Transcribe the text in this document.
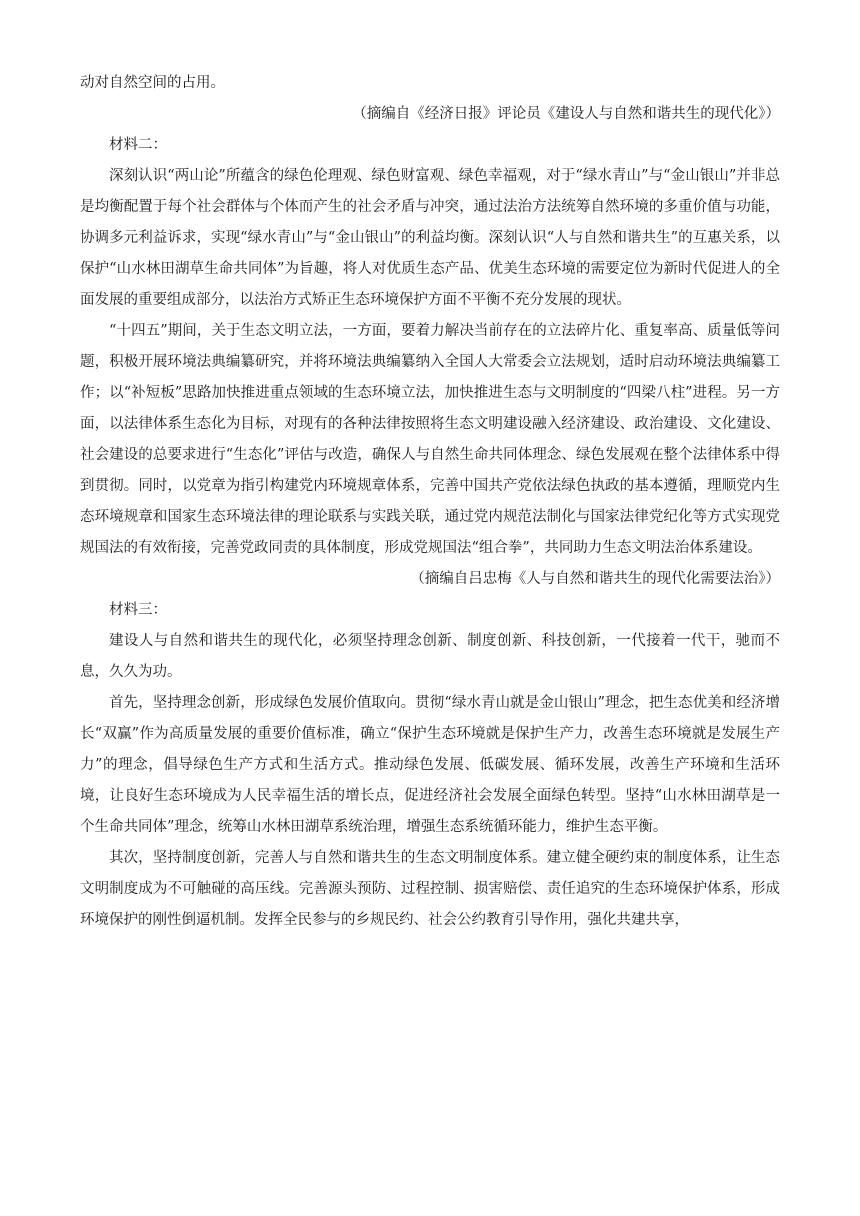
动对自然空间的占用。

（摘编自《经济日报》评论员《建设人与自然和谐共生的现代化》）

材料二：

深刻认识“两山论”所蕴含的绿色伦理观、绿色财富观、绿色幸福观，对于“绿水青山”与“金山银山”并非总是均衡配置于每个社会群体与个体而产生的社会矛盾与冲突，通过法治方法统筹自然环境的多重价值与功能，协调多元利益诉求，实现“绿水青山”与“金山银山”的利益均衡。深刻认识“人与自然和谐共生”的互惠关系，以保护“山水林田湖草生命共同体”为旨趣，将人对优质生态产品、优美生态环境的需要定位为新时代促进人的全面发展的重要组成部分，以法治方式矫正生态环境保护方面不平衡不充分发展的现状。

“十四五”期间，关于生态文明立法，一方面，要着力解决当前存在的立法碎片化、重复率高、质量低等问题，积极开展环境法典编纂研究，并将环境法典编纂纳入全国人大常委会立法规划，适时启动环境法典编纂工作；以“补短板”思路加快推进重点领域的生态环境立法，加快推进生态与文明制度的“四梁八柱”进程。另一方面，以法律体系生态化为目标，对现有的各种法律按照将生态文明建设融入经济建设、政治建设、文化建设、社会建设的总要求进行“生态化”评估与改造，确保人与自然生命共同体理念、绿色发展观在整个法律体系中得到贯彻。同时，以党章为指引构建党内环境规章体系，完善中国共产党依法绿色执政的基本遵循，理顺党内生态环境规章和国家生态环境法律的理论联系与实践关联，通过党内规范法制化与国家法律党纪化等方式实现党规国法的有效衔接，完善党政同责的具体制度，形成党规国法“组合拳”，共同助力生态文明法治体系建设。

（摘编自吕忠梅《人与自然和谐共生的现代化需要法治》）

材料三：

建设人与自然和谐共生的现代化，必须坚持理念创新、制度创新、科技创新，一代接着一代干，驰而不息，久久为功。

首先，坚持理念创新，形成绿色发展价值取向。贯彻“绿水青山就是金山银山”理念，把生态优美和经济增长“双赢”作为高质量发展的重要价值标准，确立“保护生态环境就是保护生产力，改善生态环境就是发展生产力”的理念，倡导绿色生产方式和生活方式。推动绿色发展、低碳发展、循环发展，改善生产环境和生活环境，让良好生态环境成为人民幸福生活的增长点，促进经济社会发展全面绿色转型。坚持“山水林田湖草是一个生命共同体”理念，统筹山水林田湖草系统治理，增强生态系统循环能力，维护生态平衡。

其次，坚持制度创新，完善人与自然和谐共生的生态文明制度体系。建立健全硬约束的制度体系，让生态文明制度成为不可触碰的高压线。完善源头预防、过程控制、损害赔偿、责任追究的生态环境保护体系，形成环境保护的刚性倒逼机制。发挥全民参与的乡规民约、社会公约教育引导作用，强化共建共享，
